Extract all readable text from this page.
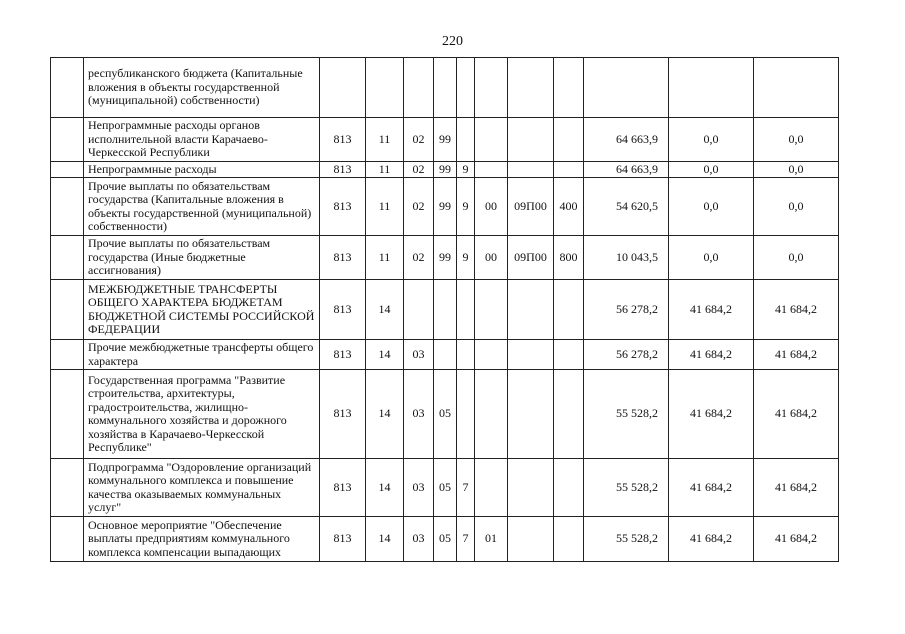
220
	республиканского бюджета (Капитальные вложения в объекты государственной (муниципальной) собственности)											
	Непрограммные расходы органов исполнительной власти Карачаево-Черкесской Республики	813	11	02	99					64 663,9	0,0	0,0
	Непрограммные расходы	813	11	02	99	9				64 663,9	0,0	0,0
	Прочие выплаты по обязательствам государства (Капитальные вложения в объекты государственной (муниципальной) собственности)	813	11	02	99	9	00	09П00	400	54 620,5	0,0	0,0
	Прочие выплаты по обязательствам государства (Иные бюджетные ассигнования)	813	11	02	99	9	00	09П00	800	10 043,5	0,0	0,0
	МЕЖБЮДЖЕТНЫЕ ТРАНСФЕРТЫ ОБЩЕГО ХАРАКТЕРА БЮДЖЕТАМ БЮДЖЕТНОЙ СИСТЕМЫ РОССИЙСКОЙ ФЕДЕРАЦИИ	813	14							56 278,2	41 684,2	41 684,2
	Прочие межбюджетные трансферты общего характера	813	14	03						56 278,2	41 684,2	41 684,2
	Государственная программа "Развитие строительства, архитектуры, градостроительства, жилищно-коммунального хозяйства и дорожного хозяйства в Карачаево-Черкесской Республике"	813	14	03	05					55 528,2	41 684,2	41 684,2
	Подпрограмма "Оздоровление организаций коммунального комплекса и повышение качества оказываемых коммунальных услуг"	813	14	03	05	7				55 528,2	41 684,2	41 684,2
	Основное мероприятие "Обеспечение выплаты предприятиям коммунального комплекса компенсации выпадающих	813	14	03	05	7	01			55 528,2	41 684,2	41 684,2
